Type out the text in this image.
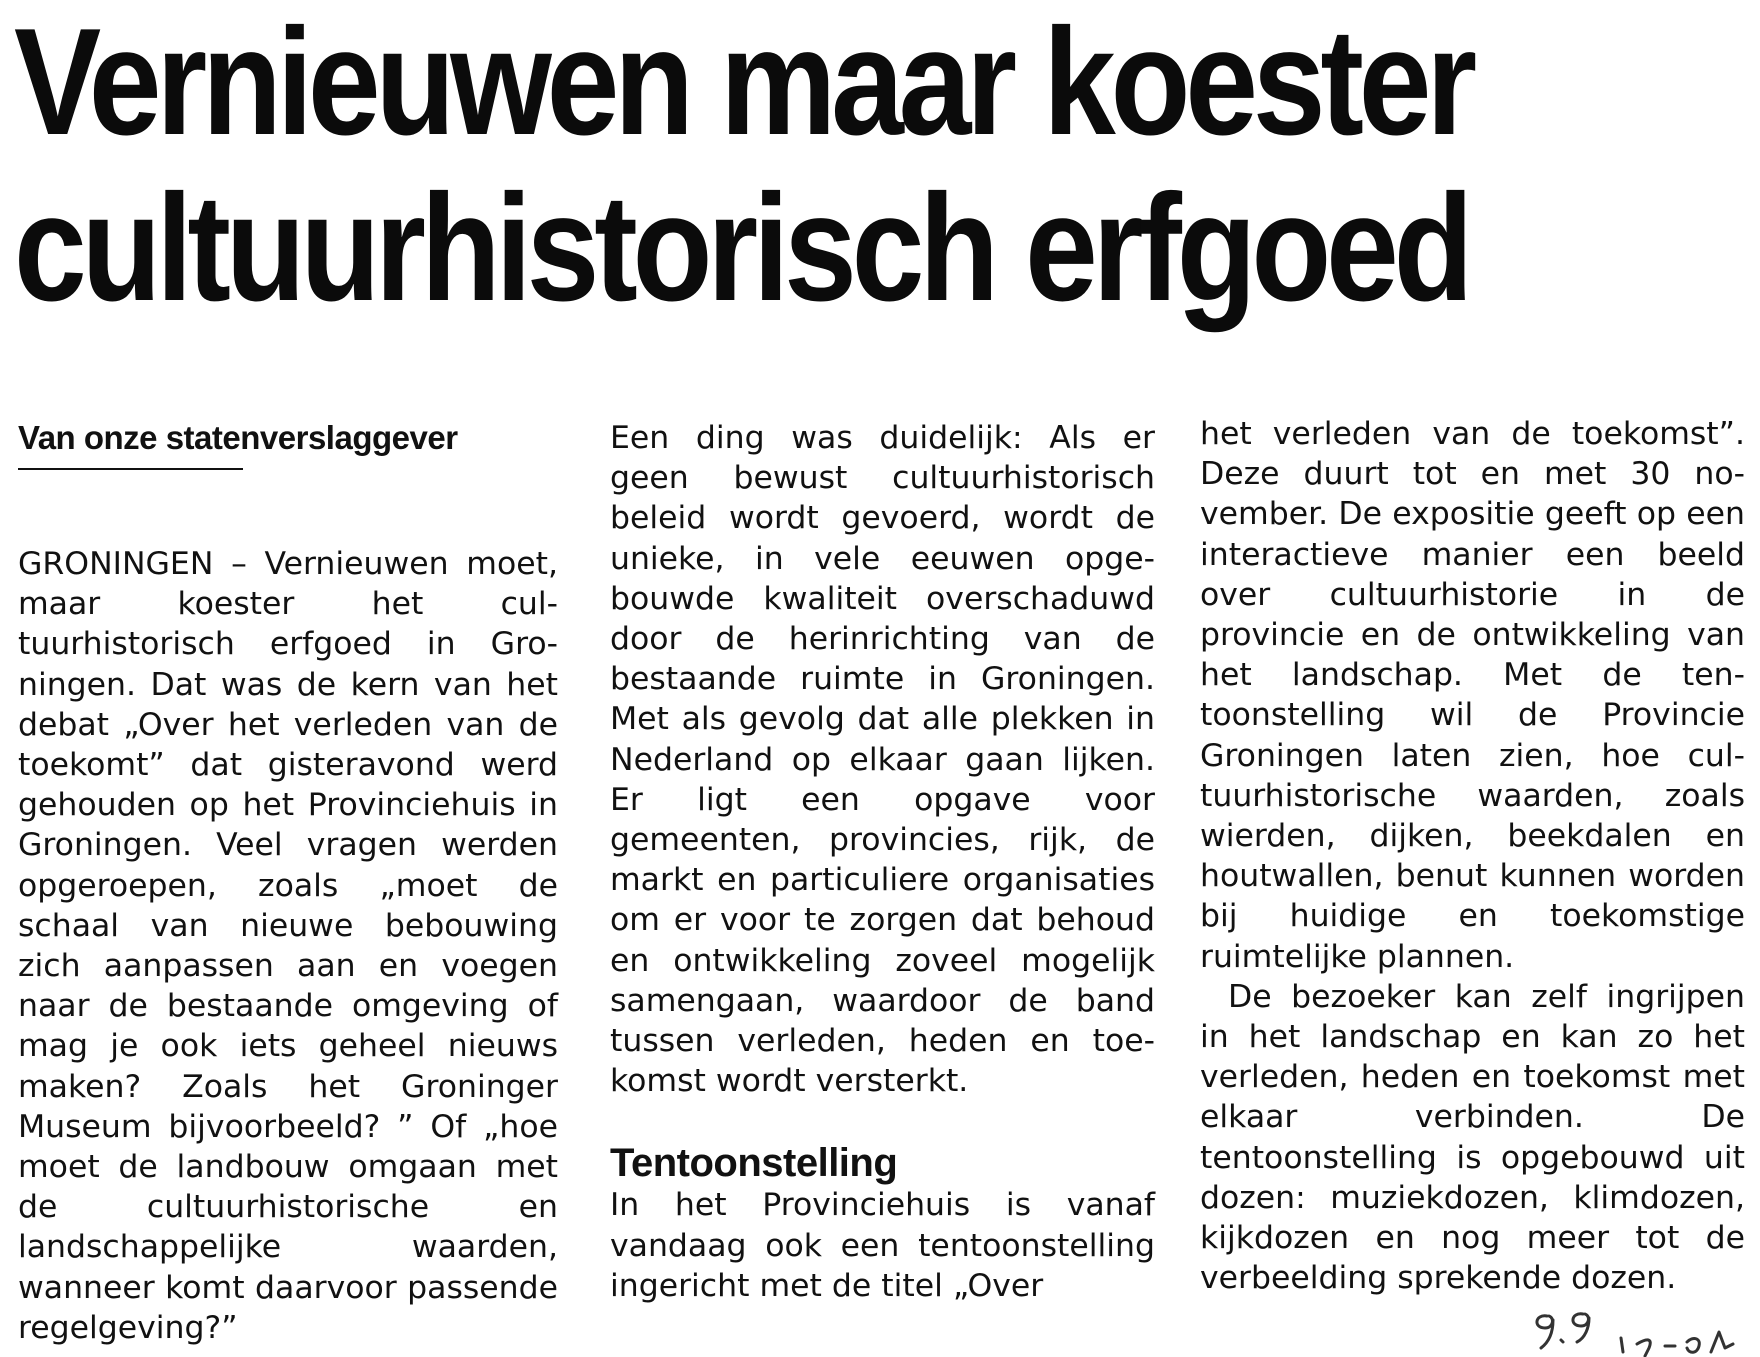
Vernieuwen maar koester
cultuurhistorisch erfgoed
Van onze statenverslaggever

GRONINGEN – Vernieuwen moet, maar koester het cultuurhistorisch erfgoed in Groningen. Dat was de kern van het debat „Over het verleden van de toekomt” dat gisteravond werd gehouden op het Provinciehuis in Groningen. Veel vragen werden opgeroepen, zoals „moet de schaal van nieuwe bebouwing zich aanpassen aan en voegen naar de bestaande omgeving of mag je ook iets geheel nieuws maken? Zoals het Groninger Museum bijvoorbeeld? ” Of „hoe moet de landbouw omgaan met de cultuurhistorische en landschappelijke waarden, wanneer komt daarvoor passende regelgeving?”

Een ding was duidelijk: Als er geen bewust cultuurhistorisch beleid wordt gevoerd, wordt de unieke, in vele eeuwen opgebouwde kwaliteit overschaduwd door de herinrichting van de bestaande ruimte in Groningen. Met als gevolg dat alle plekken in Nederland op elkaar gaan lijken. Er ligt een opgave voor gemeenten, provincies, rijk, de markt en particuliere organisaties om er voor te zorgen dat behoud en ontwikkeling zoveel mogelijk samengaan, waardoor de band tussen verleden, heden en toekomst wordt versterkt.

Tentoonstelling

In het Provinciehuis is vanaf vandaag ook een tentoonstelling ingericht met de titel „Over

het verleden van de toekomst”. Deze duurt tot en met 30 november. De expositie geeft op een interactieve manier een beeld over cultuurhistorie in de provincie en de ontwikkeling van het landschap. Met de tentoonstelling wil de Provincie Groningen laten zien, hoe cultuurhistorische waarden, zoals wierden, dijken, beekdalen en houtwallen, benut kunnen worden bij huidige en toekomstige ruimtelijke plannen.

De bezoeker kan zelf ingrijpen in het landschap en kan zo het verleden, heden en toekomst met elkaar verbinden. De tentoonstelling is opgebouwd uit dozen: muziekdozen, klimdozen, kijkdozen en nog meer tot de verbeelding sprekende dozen.
